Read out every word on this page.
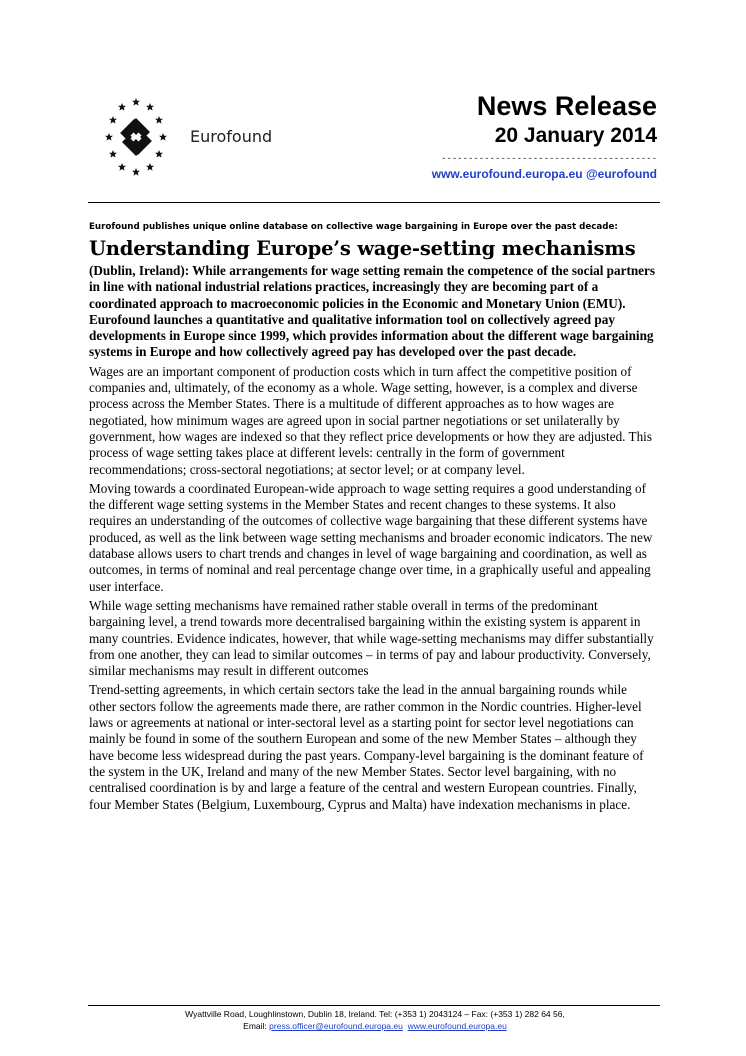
Eurofound
News Release
20 January 2014
----------------------------------------
www.eurofound.europa.eu @eurofound
Eurofound publishes unique online database on collective wage bargaining in Europe over the past decade:
Understanding Europe’s wage-setting mechanisms

(Dublin, Ireland): While arrangements for wage setting remain the competence of the social partners in line with national industrial relations practices, increasingly they are becoming part of a coordinated approach to macroeconomic policies in the Economic and Monetary Union (EMU). Eurofound launches a quantitative and qualitative information tool on collectively agreed pay developments in Europe since 1999, which provides information about the different wage bargaining systems in Europe and how collectively agreed pay has developed over the past decade.

Wages are an important component of production costs which in turn affect the competitive position of companies and, ultimately, of the economy as a whole. Wage setting, however, is a complex and diverse process across the Member States. There is a multitude of different approaches as to how wages are negotiated, how minimum wages are agreed upon in social partner negotiations or set unilaterally by government, how wages are indexed so that they reflect price developments or how they are adjusted. This process of wage setting takes place at different levels: centrally in the form of government recommendations; cross-sectoral negotiations; at sector level; or at company level.

Moving towards a coordinated European-wide approach to wage setting requires a good understanding of the different wage setting systems in the Member States and recent changes to these systems. It also requires an understanding of the outcomes of collective wage bargaining that these different systems have produced, as well as the link between wage setting mechanisms and broader economic indicators. The new database allows users to chart trends and changes in level of wage bargaining and coordination, as well as outcomes, in terms of nominal and real percentage change over time, in a graphically useful and appealing user interface.

While wage setting mechanisms have remained rather stable overall in terms of the predominant bargaining level, a trend towards more decentralised bargaining within the existing system is apparent in many countries. Evidence indicates, however, that while wage-setting mechanisms may differ substantially from one another, they can lead to similar outcomes – in terms of pay and labour productivity. Conversely, similar mechanisms may result in different outcomes

Trend-setting agreements, in which certain sectors take the lead in the annual bargaining rounds while other sectors follow the agreements made there, are rather common in the Nordic countries. Higher-level laws or agreements at national or inter-sectoral level as a starting point for sector level negotiations can mainly be found in some of the southern European and some of the new Member States – although they have become less widespread during the past years. Company-level bargaining is the dominant feature of the system in the UK, Ireland and many of the new Member States. Sector level bargaining, with no centralised coordination is by and large a feature of the central and western European countries. Finally, four Member States (Belgium, Luxembourg, Cyprus and Malta) have indexation mechanisms in place.

Wyattville Road, Loughlinstown, Dublin 18, Ireland. Tel: (+353 1) 2043124 – Fax: (+353 1) 282 64 56,
Email: press.officer@eurofound.europa.eu www.eurofound.europa.eu
